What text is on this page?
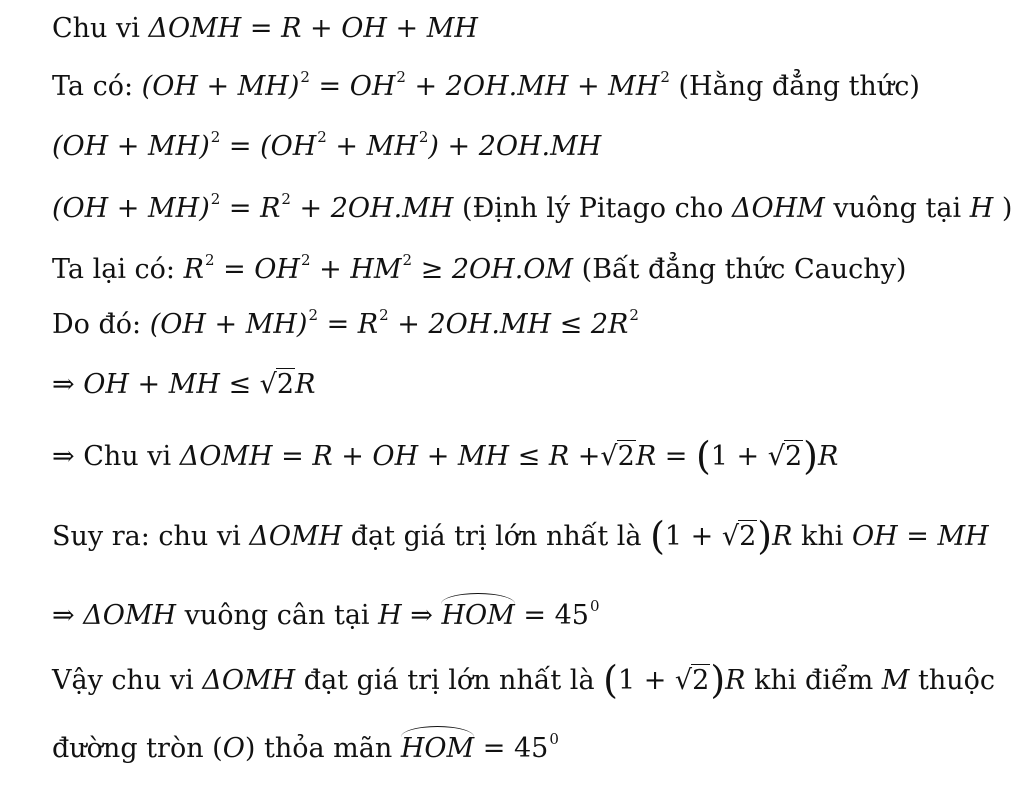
Chu vi ΔOMH = R + OH + MH
Ta có: $(OH + MH)^2 = OH^2 + 2OH.MH + MH^2$ (Hằng đẳng thức)
$(OH + MH)^2 = (OH^2 + MH^2) + 2OH.MH$
$(OH + MH)^2 = R^2 + 2OH.MH$ (Định lý Pitago cho ΔOHM vuông tại H )
Ta lại có: $R^2 = OH^2 + HM^2 \ge 2OH.OM$ (Bất đẳng thức Cauchy)
Do đó: $(OH + MH)^2 = R^2 + 2OH.MH \le 2R^2$
⇒ OH + MH ≤ √2R
⇒ Chu vi ΔOMH = R + OH + MH ≤ R +√2R = (1 + √2)R
Suy ra: chu vi ΔOMH đạt giá trị lớn nhất là (1 + √2)R khi OH = MH
⇒ ΔOMH vuông cân tại H ⇒ HOM = $45^0$
Vậy chu vi ΔOMH đạt giá trị lớn nhất là (1 + √2)R khi điểm M thuộc
đường tròn (O) thỏa mãn HOM = $45^0$
